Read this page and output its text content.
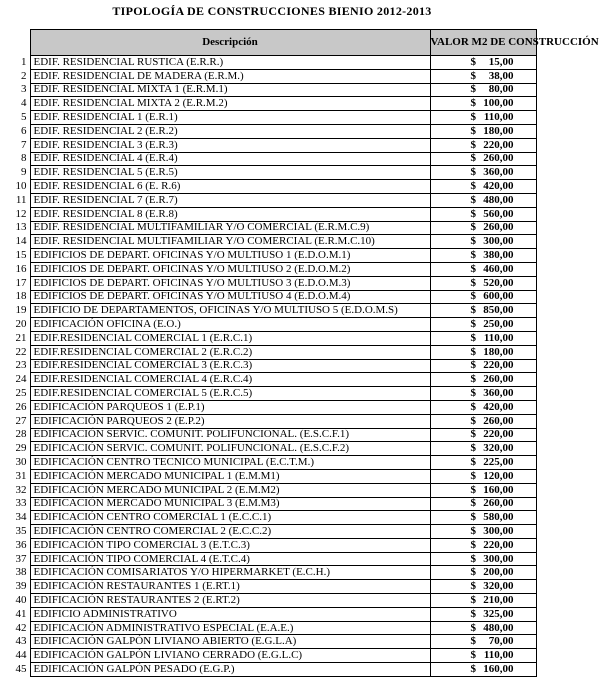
TIPOLOGÍA DE CONSTRUCCIONES BIENIO 2012-2013
	Descripción	VALOR M2 DE CONSTRUCCIÓN
1	EDIF. RESIDENCIAL RUSTICA (E.R.R.)	$ 15,00

2	EDIF. RESIDENCIAL DE MADERA (E.R.M.)	$ 38,00

3	EDIF. RESIDENCIAL MIXTA 1 (E.R.M.1)	$ 80,00

4	EDIF. RESIDENCIAL MIXTA 2 (E.R.M.2)	$ 100,00

5	EDIF. RESIDENCIAL 1 (E.R.1)	$ 110,00

6	EDIF. RESIDENCIAL 2 (E.R.2)	$ 180,00

7	EDIF. RESIDENCIAL 3 (E.R.3)	$ 220,00

8	EDIF. RESIDENCIAL 4 (E.R.4)	$ 260,00

9	EDIF. RESIDENCIAL 5 (E.R.5)	$ 360,00

10	EDIF. RESIDENCIAL 6 (E. R.6)	$ 420,00

11	EDIF. RESIDENCIAL 7 (E.R.7)	$ 480,00

12	EDIF. RESIDENCIAL 8 (E.R.8)	$ 560,00

13	EDIF. RESIDENCIAL MULTIFAMILIAR Y/O COMERCIAL (E.R.M.C.9)	$ 260,00

14	EDIF. RESIDENCIAL MULTIFAMILIAR Y/O COMERCIAL (E.R.M.C.10)	$ 300,00

15	EDIFICIOS DE DEPART. OFICINAS Y/O MULTIUSO 1 (E.D.O.M.1)	$ 380,00

16	EDIFICIOS DE DEPART. OFICINAS Y/O MULTIUSO 2 (E.D.O.M.2)	$ 460,00

17	EDIFICIOS DE DEPART. OFICINAS Y/O MULTIUSO 3 (E.D.O.M.3)	$ 520,00

18	EDIFICIOS DE DEPART. OFICINAS Y/O MULTIUSO 4 (E.D.O.M.4)	$ 600,00

19	EDIFICIO DE DEPARTAMENTOS, OFICINAS Y/O MULTIUSO 5 (E.D.O.M.S)	$ 850,00

20	EDIFICACIÓN OFICINA (E.O.)	$ 250,00

21	EDIF.RESIDENCIAL COMERCIAL 1 (E.R.C.1)	$ 110,00

22	EDIF.RESIDENCIAL COMERCIAL 2 (E.R.C.2)	$ 180,00

23	EDIF.RESIDENCIAL COMERCIAL 3 (E.R.C.3)	$ 220,00

24	EDIF.RESIDENCIAL COMERCIAL 4 (E.R.C.4)	$ 260,00

25	EDIF.RESIDENCIAL COMERCIAL 5 (E.R.C.5)	$ 360,00

26	EDIFICACIÓN PARQUEOS 1 (E.P.1)	$ 420,00

27	EDIFICACIÓN PARQUEOS 2 (E.P.2)	$ 260,00

28	EDIFICACIÓN SERVIC. COMUNIT. POLIFUNCIONAL. (E.S.C.F.1)	$ 220,00

29	EDIFICACIÓN SERVIC. COMUNIT. POLIFUNCIONAL. (E.S.C.F.2)	$ 320,00

30	EDIFICACIÓN CENTRO TECNICO MUNICIPAL (E.C.T.M.)	$ 225,00

31	EDIFICACIÓN MERCADO MUNICIPAL 1 (E.M.M1)	$ 120,00

32	EDIFICACIÓN MERCADO MUNICIPAL 2 (E.M.M2)	$ 160,00

33	EDIFICACIÓN MERCADO MUNICIPAL 3 (E.M.M3)	$ 260,00

34	EDIFICACIÓN CENTRO COMERCIAL 1 (E.C.C.1)	$ 580,00

35	EDIFICACIÓN CENTRO COMERCIAL 2 (E.C.C.2)	$ 300,00

36	EDIFICACIÓN TIPO COMERCIAL 3 (E.T.C.3)	$ 220,00

37	EDIFICACIÓN TIPO COMERCIAL 4 (E.T.C.4)	$ 300,00

38	EDIFICACIÓN COMISARIATOS Y/O HIPERMARKET (E.C.H.)	$ 200,00

39	EDIFICACIÓN RESTAURANTES 1 (E.RT.1)	$ 320,00

40	EDIFICACIÓN RESTAURANTES 2 (E.RT.2)	$ 210,00

41	EDIFICIO ADMINISTRATIVO	$ 325,00

42	EDIFICACIÓN ADMINISTRATIVO ESPECIAL (E.A.E.)	$ 480,00

43	EDIFICACIÓN GALPÓN LIVIANO ABIERTO (E.G.L.A)	$ 70,00

44	EDIFICACIÓN GALPÓN LIVIANO CERRADO (E.G.L.C)	$ 110,00

45	EDIFICACIÓN GALPÓN PESADO (E.G.P.)	$ 160,00
